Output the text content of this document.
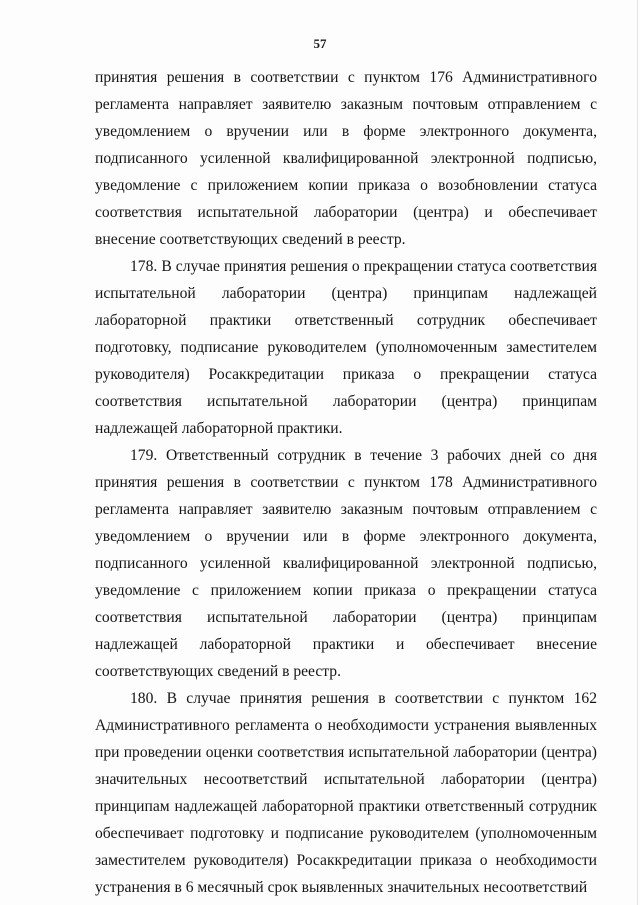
57

принятия решения в соответствии с пунктом 176 Административного регламента направляет заявителю заказным почтовым отправлением с уведомлением о вручении или в форме электронного документа, подписанного усиленной квалифицированной электронной подписью, уведомление с приложением копии приказа о возобновлении статуса соответствия испытательной лаборатории (центра) и обеспечивает внесение соответствующих сведений в реестр.

178. В случае принятия решения о прекращении статуса соответствия испытательной лаборатории (центра) принципам надлежащей лабораторной практики ответственный сотрудник обеспечивает подготовку, подписание руководителем (уполномоченным заместителем руководителя) Росаккредитации приказа о прекращении статуса соответствия испытательной лаборатории (центра) принципам надлежащей лабораторной практики.

179. Ответственный сотрудник в течение 3 рабочих дней со дня принятия решения в соответствии с пунктом 178 Административного регламента направляет заявителю заказным почтовым отправлением с уведомлением о вручении или в форме электронного документа, подписанного усиленной квалифицированной электронной подписью, уведомление с приложением копии приказа о прекращении статуса соответствия испытательной лаборатории (центра) принципам надлежащей лабораторной практики и обеспечивает внесение соответствующих сведений в реестр.

180. В случае принятия решения в соответствии с пунктом 162 Административного регламента о необходимости устранения выявленных при проведении оценки соответствия испытательной лаборатории (центра) значительных несоответствий испытательной лаборатории (центра) принципам надлежащей лабораторной практики ответственный сотрудник обеспечивает подготовку и подписание руководителем (уполномоченным заместителем руководителя) Росаккредитации приказа о необходимости устранения в 6 месячный срок выявленных значительных несоответствий
